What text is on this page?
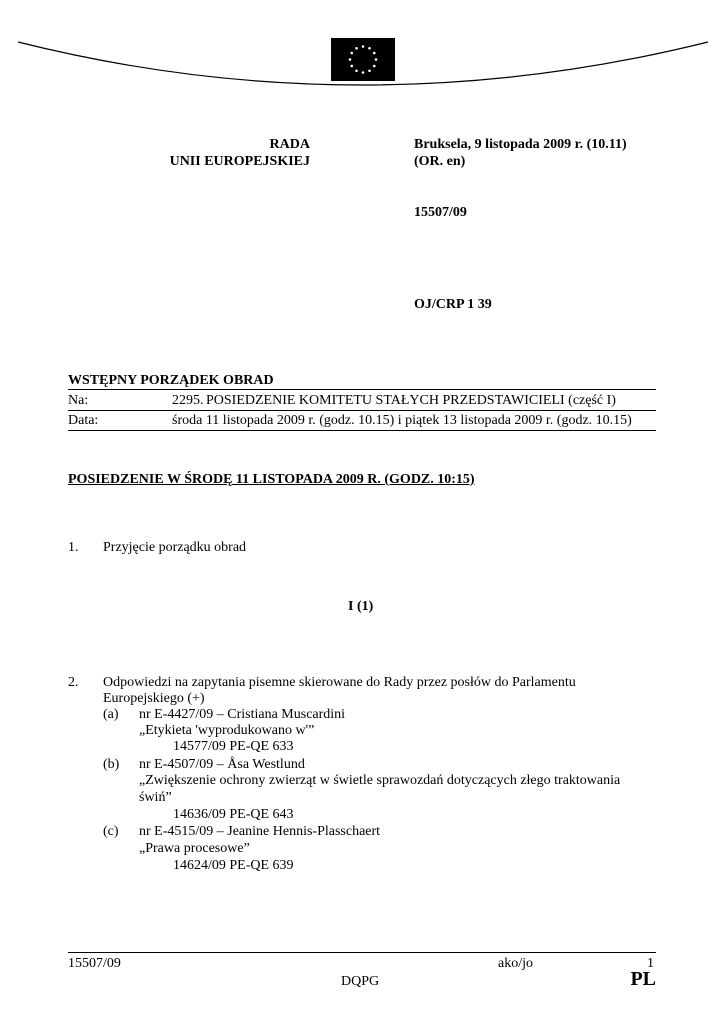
RADA
UNII EUROPEJSKIEJ
Bruksela, 9 listopada 2009 r. (10.11)
(OR. en)
15507/09
OJ/CRP 1 39
WSTĘPNY PORZĄDEK OBRAD
Na:	2295. POSIEDZENIE KOMITETU STAŁYCH PRZEDSTAWICIELI (część I)
Data:	środa 11 listopada 2009 r. (godz. 10.15) i piątek 13 listopada 2009 r. (godz. 10.15)
POSIEDZENIE W ŚRODĘ 11 LISTOPADA 2009 R. (GODZ. 10:15)
1. Przyjęcie porządku obrad
I (1)
2. Odpowiedzi na zapytania pisemne skierowane do Rady przez posłów do Parlamentu
Europejskiego (+)
(a) nr E-4427/09 – Cristiana Muscardini
„Etykieta 'wyprodukowano w'”
14577/09 PE-QE 633
(b) nr E-4507/09 – Åsa Westlund
„Zwiększenie ochrony zwierząt w świetle sprawozdań dotyczących złego traktowania
świń”
14636/09 PE-QE 643
(c) nr E-4515/09 – Jeanine Hennis-Plasschaert
„Prawa procesowe”
14624/09 PE-QE 639
15507/09	ako/jo	1
DQPG	PL
